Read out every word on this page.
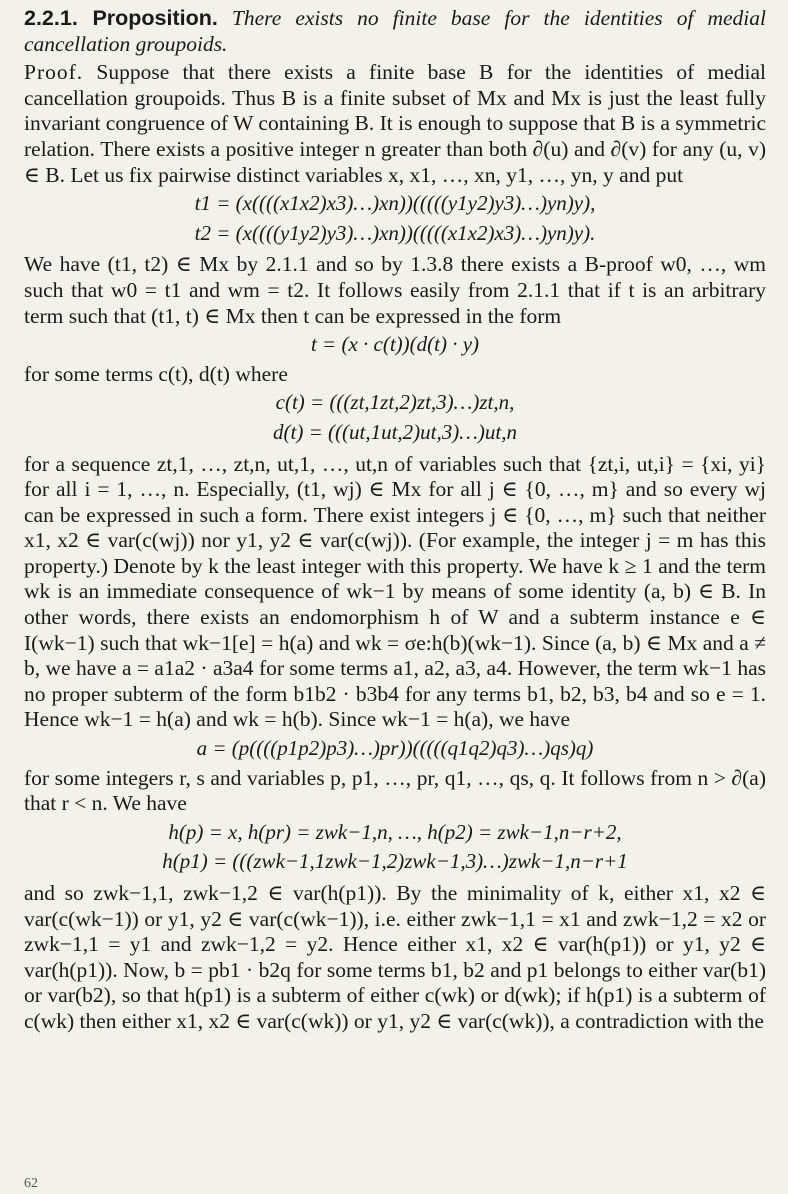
2.2.1. Proposition. There exists no finite base for the identities of medial cancellation groupoids.

Proof. Suppose that there exists a finite base B for the identities of medial cancellation groupoids. Thus B is a finite subset of Mx and Mx is just the least fully invariant congruence of W containing B. It is enough to suppose that B is a symmetric relation. There exists a positive integer n greater than both ∂(u) and ∂(v) for any (u, v) ∈ B. Let us fix pairwise distinct variables x, x1, …, xn, y1, …, yn, y and put

t1 = (x((((x1x2)x3)…)xn))(((((y1y2)y3)…)yn)y),
t2 = (x((((y1y2)y3)…)xn))(((((x1x2)x3)…)yn)y).

We have (t1, t2) ∈ Mx by 2.1.1 and so by 1.3.8 there exists a B-proof w0, …, wm such that w0 = t1 and wm = t2. It follows easily from 2.1.1 that if t is an arbitrary term such that (t1, t) ∈ Mx then t can be expressed in the form

t = (x · c(t))(d(t) · y)

for some terms c(t), d(t) where

c(t) = (((zt,1zt,2)zt,3)…)zt,n,
d(t) = (((ut,1ut,2)ut,3)…)ut,n

for a sequence zt,1, …, zt,n, ut,1, …, ut,n of variables such that {zt,i, ut,i} = {xi, yi} for all i = 1, …, n. Especially, (t1, wj) ∈ Mx for all j ∈ {0, …, m} and so every wj can be expressed in such a form. There exist integers j ∈ {0, …, m} such that neither x1, x2 ∈ var(c(wj)) nor y1, y2 ∈ var(c(wj)). (For example, the integer j = m has this property.) Denote by k the least integer with this property. We have k ≥ 1 and the term wk is an immediate consequence of wk−1 by means of some identity (a, b) ∈ B. In other words, there exists an endomorphism h of W and a subterm instance e ∈ I(wk−1) such that wk−1[e] = h(a) and wk = σe:h(b)(wk−1). Since (a, b) ∈ Mx and a ≠ b, we have a = a1a2 · a3a4 for some terms a1, a2, a3, a4. However, the term wk−1 has no proper subterm of the form b1b2 · b3b4 for any terms b1, b2, b3, b4 and so e = 1. Hence wk−1 = h(a) and wk = h(b). Since wk−1 = h(a), we have

a = (p((((p1p2)p3)…)pr))(((((q1q2)q3)…)qs)q)

for some integers r, s and variables p, p1, …, pr, q1, …, qs, q. It follows from n > ∂(a) that r < n. We have

h(p) = x, h(pr) = zwk−1,n, …, h(p2) = zwk−1,n−r+2,
h(p1) = (((zwk−1,1zwk−1,2)zwk−1,3)…)zwk−1,n−r+1

and so zwk−1,1, zwk−1,2 ∈ var(h(p1)). By the minimality of k, either x1, x2 ∈ var(c(wk−1)) or y1, y2 ∈ var(c(wk−1)), i.e. either zwk−1,1 = x1 and zwk−1,2 = x2 or zwk−1,1 = y1 and zwk−1,2 = y2. Hence either x1, x2 ∈ var(h(p1)) or y1, y2 ∈ var(h(p1)). Now, b = pb1 · b2q for some terms b1, b2 and p1 belongs to either var(b1) or var(b2), so that h(p1) is a subterm of either c(wk) or d(wk); if h(p1) is a subterm of c(wk) then either x1, x2 ∈ var(c(wk)) or y1, y2 ∈ var(c(wk)), a contradiction with the

62
